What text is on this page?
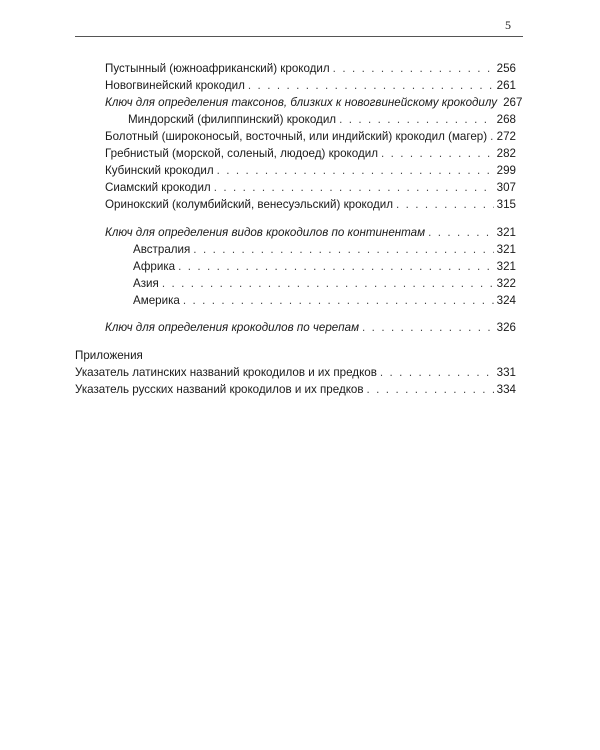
5
Пустынный (южноафриканский) крокодил . . .	256
Новогвинейский крокодил . . .	261
Ключ для определения таксонов, близких к новогвинейскому крокодилу 267
Миндорский (филиппинский) крокодил . . .	268
Болотный (широконосый, восточный, или индийский) крокодил (магер) . . . 272
Гребнистый (морской, соленый, людоед) крокодил . . .	282
Кубинский крокодил . . .	299
Сиамский крокодил . . .	307
Оринокский (колумбийский, венесуэльский) крокодил . . .	315
Ключ для определения видов крокодилов по континентам . . .	321
Австралия . . .	321
Африка . . .	321
Азия . . .	322
Америка . . .	324
Ключ для определения крокодилов по черепам . . .	326
Приложения
Указатель латинских названий крокодилов и их предков . . .	331
Указатель русских названий крокодилов и их предков . . .	334
